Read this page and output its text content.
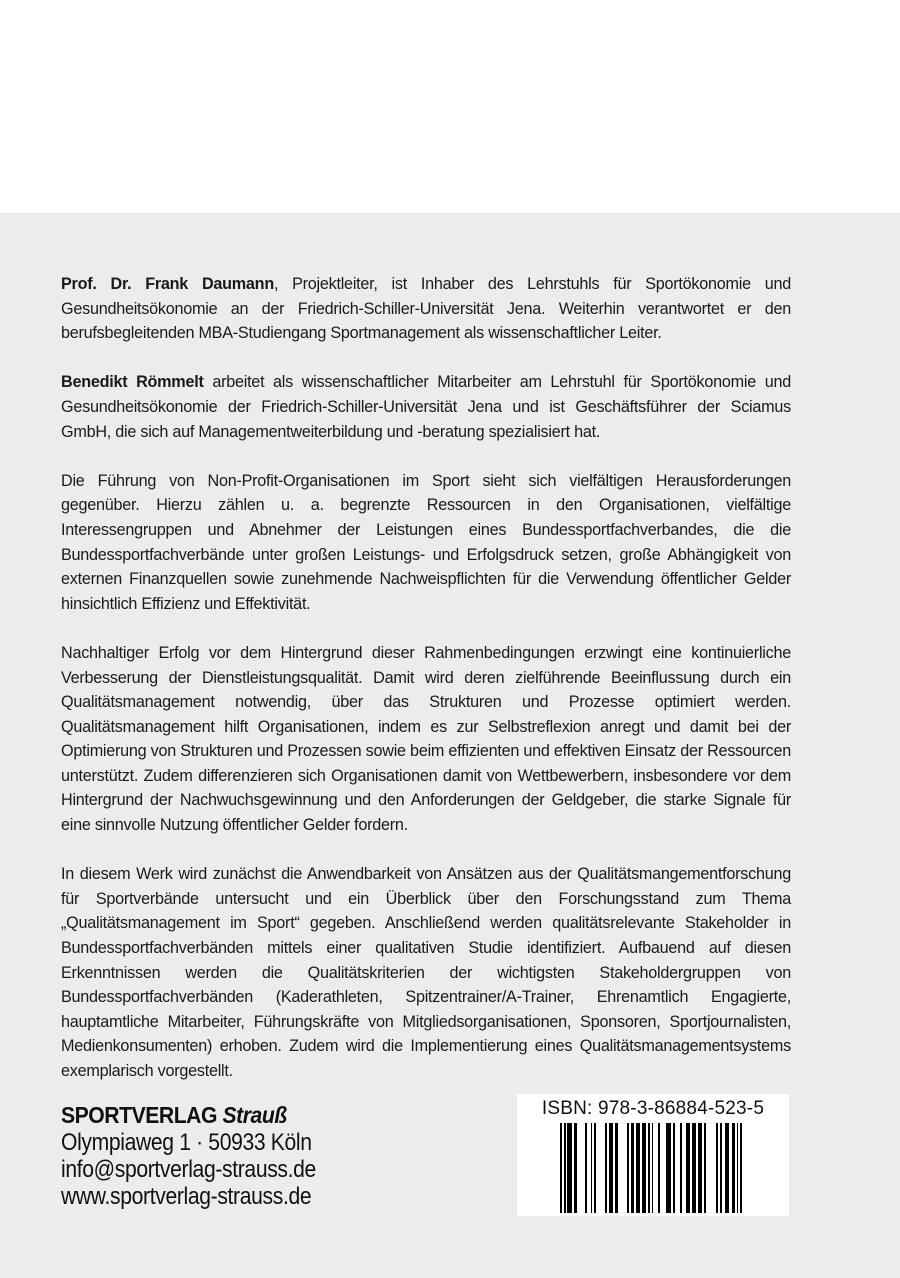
Prof. Dr. Frank Daumann, Projektleiter, ist Inhaber des Lehrstuhls für Sportökonomie und Gesundheitsökonomie an der Friedrich-Schiller-Universität Jena. Weiterhin verantwortet er den berufsbegleitenden MBA-Studiengang Sportmanagement als wissenschaftlicher Leiter.

Benedikt Römmelt arbeitet als wissenschaftlicher Mitarbeiter am Lehrstuhl für Sportökonomie und Gesundheitsökonomie der Friedrich-Schiller-Universität Jena und ist Geschäftsführer der Sciamus GmbH, die sich auf Managementweiterbildung und -beratung spezialisiert hat.

Die Führung von Non-Profit-Organisationen im Sport sieht sich vielfältigen Herausforderungen gegenüber. Hierzu zählen u. a. begrenzte Ressourcen in den Organisationen, vielfältige Interessengruppen und Abnehmer der Leistungen eines Bundessportfachverbandes, die die Bundessportfachverbände unter großen Leistungs- und Erfolgsdruck setzen, große Abhängigkeit von externen Finanzquellen sowie zunehmende Nachweispflichten für die Verwendung öffentlicher Gelder hinsichtlich Effizienz und Effektivität.

Nachhaltiger Erfolg vor dem Hintergrund dieser Rahmenbedingungen erzwingt eine kontinuierliche Verbesserung der Dienstleistungsqualität. Damit wird deren zielführende Beeinflussung durch ein Qualitätsmanagement notwendig, über das Strukturen und Prozesse optimiert werden. Qualitätsmanagement hilft Organisationen, indem es zur Selbstreflexion anregt und damit bei der Optimierung von Strukturen und Prozessen sowie beim effizienten und effektiven Einsatz der Ressourcen unterstützt. Zudem differenzieren sich Organisationen damit von Wettbewerbern, insbesondere vor dem Hintergrund der Nachwuchsgewinnung und den Anforderungen der Geldgeber, die starke Signale für eine sinnvolle Nutzung öffentlicher Gelder fordern.

In diesem Werk wird zunächst die Anwendbarkeit von Ansätzen aus der Qualitätsmangementforschung für Sportverbände untersucht und ein Überblick über den Forschungsstand zum Thema „Qualitätsmanagement im Sport“ gegeben. Anschließend werden qualitätsrelevante Stakeholder in Bundessportfachverbänden mittels einer qualitativen Studie identifiziert. Aufbauend auf diesen Erkenntnissen werden die Qualitätskriterien der wichtigsten Stakeholdergruppen von Bundessportfachverbänden (Kaderathleten, Spitzentrainer/A-Trainer, Ehrenamtlich Engagierte, hauptamtliche Mitarbeiter, Führungskräfte von Mitgliedsorganisationen, Sponsoren, Sportjournalisten, Medienkonsumenten) erhoben. Zudem wird die Implementierung eines Qualitätsmanagementsystems exemplarisch vorgestellt.

SPORTVERLAG Strauß
Olympiaweg 1 · 50933 Köln
info@sportverlag-strauss.de
www.sportverlag-strauss.de
ISBN: 978-3-86884-523-5
